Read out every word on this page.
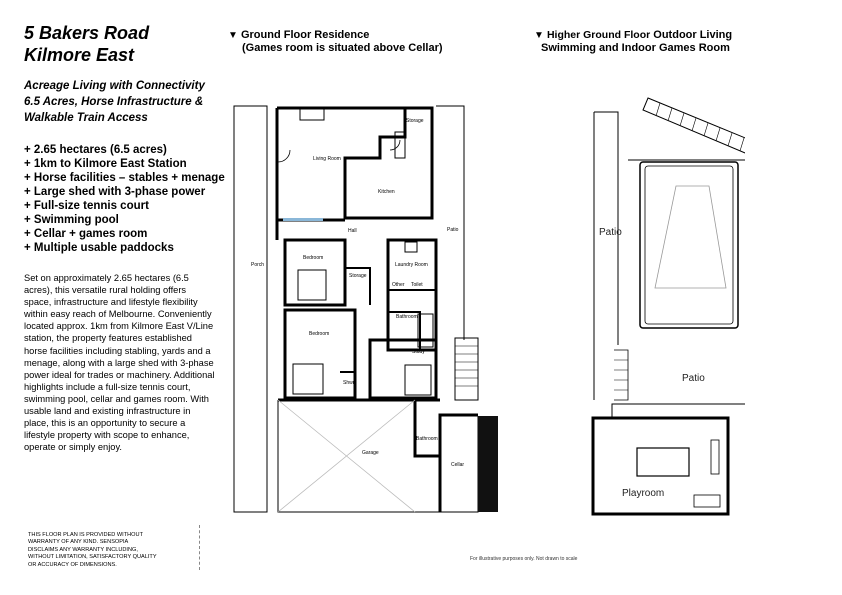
5 Bakers Road
Kilmore East
Acreage Living with Connectivity
6.5 Acres, Horse Infrastructure &
Walkable Train Access
+ 2.65 hectares (6.5 acres)
+ 1km to Kilmore East Station
+ Horse facilities – stables + menage
+ Large shed with 3-phase power
+ Full-size tennis court
+ Swimming pool
+ Cellar + games room
+ Multiple usable paddocks

Set on approximately 2.65 hectares (6.5 acres), this versatile rural holding offers space, infrastructure and lifestyle flexibility within easy reach of Melbourne. Conveniently located approx. 1km from Kilmore East V/Line station, the property features established horse facilities including stabling, yards and a menage, along with a large shed with 3-phase power ideal for trades or machinery. Additional highlights include a full-size tennis court, swimming pool, cellar and games room. With usable land and existing infrastructure in place, this is an opportunity to secure a lifestyle property with scope to enhance, operate or simply enjoy.

THIS FLOOR PLAN IS PROVIDED WITHOUT
WARRANTY OF ANY KIND. SENSOPIA
DISCLAIMS ANY WARRANTY INCLUDING,
WITHOUT LIMITATION, SATISFACTORY QUALITY
OR ACCURACY OF DIMENSIONS.
▼ Ground Floor Residence
(Games room is situated above Cellar)
▼ Higher Ground Floor Outdoor Living
Swimming and Indoor Games Room
Storage
Living Room
Kitchen
Hall	Patio
Porch
Bedroom
Storage
Laundry Room
Other Toilet
Bathroom
Bedroom
Study
Shwr
Garage
Bathroom
Cellar
Patio
Patio
Playroom
For illustrative purposes only. Not drawn to scale
